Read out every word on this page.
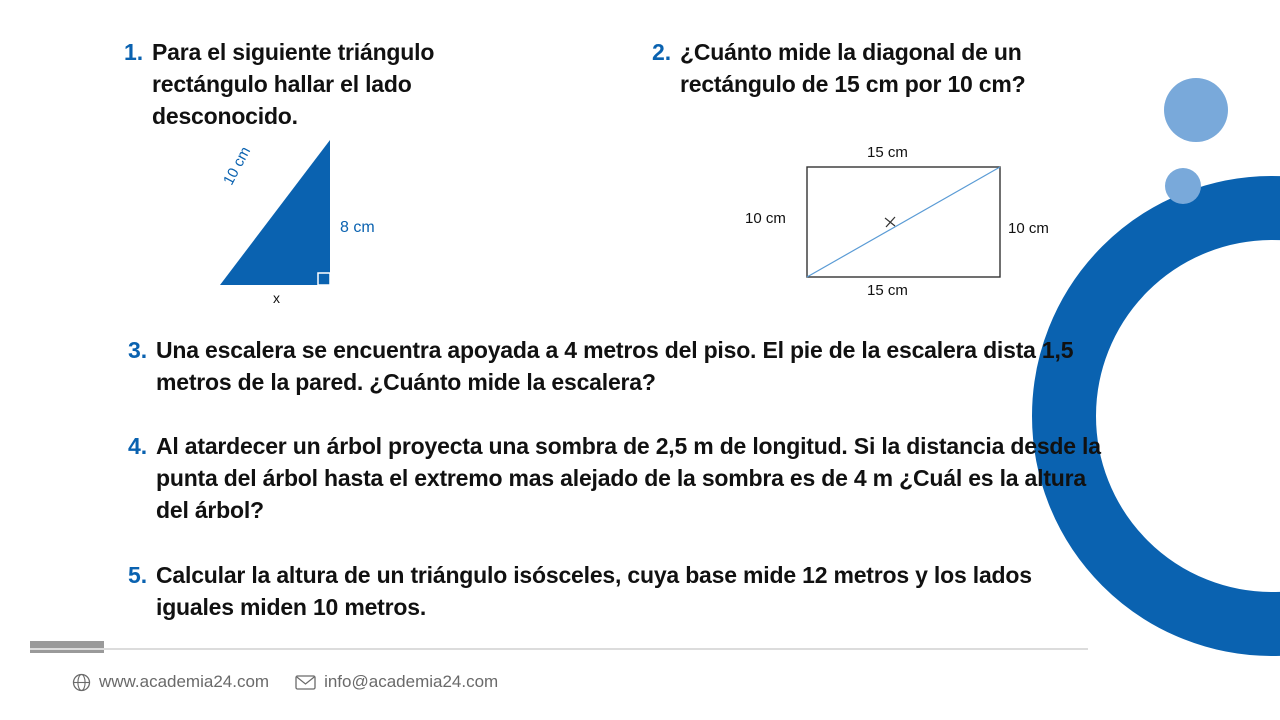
1. Para el siguiente triángulo rectángulo hallar el lado desconocido.
2. ¿Cuánto mide la diagonal de un rectángulo de 15 cm por 10 cm?
10 cm
8 cm
x
15 cm
15 cm
10 cm
10 cm
3. Una escalera se encuentra apoyada a 4 metros del piso. El pie de la escalera dista 1,5 metros de la pared. ¿Cuánto mide la escalera?
4. Al atardecer un árbol proyecta una sombra de 2,5 m de longitud. Si la distancia desde la punta del árbol hasta el extremo mas alejado de la sombra es de 4 m ¿Cuál es la altura del árbol?
5. Calcular la altura de un triángulo isósceles, cuya base mide 12 metros y los lados iguales miden 10 metros.
www.academia24.com	info@academia24.com
